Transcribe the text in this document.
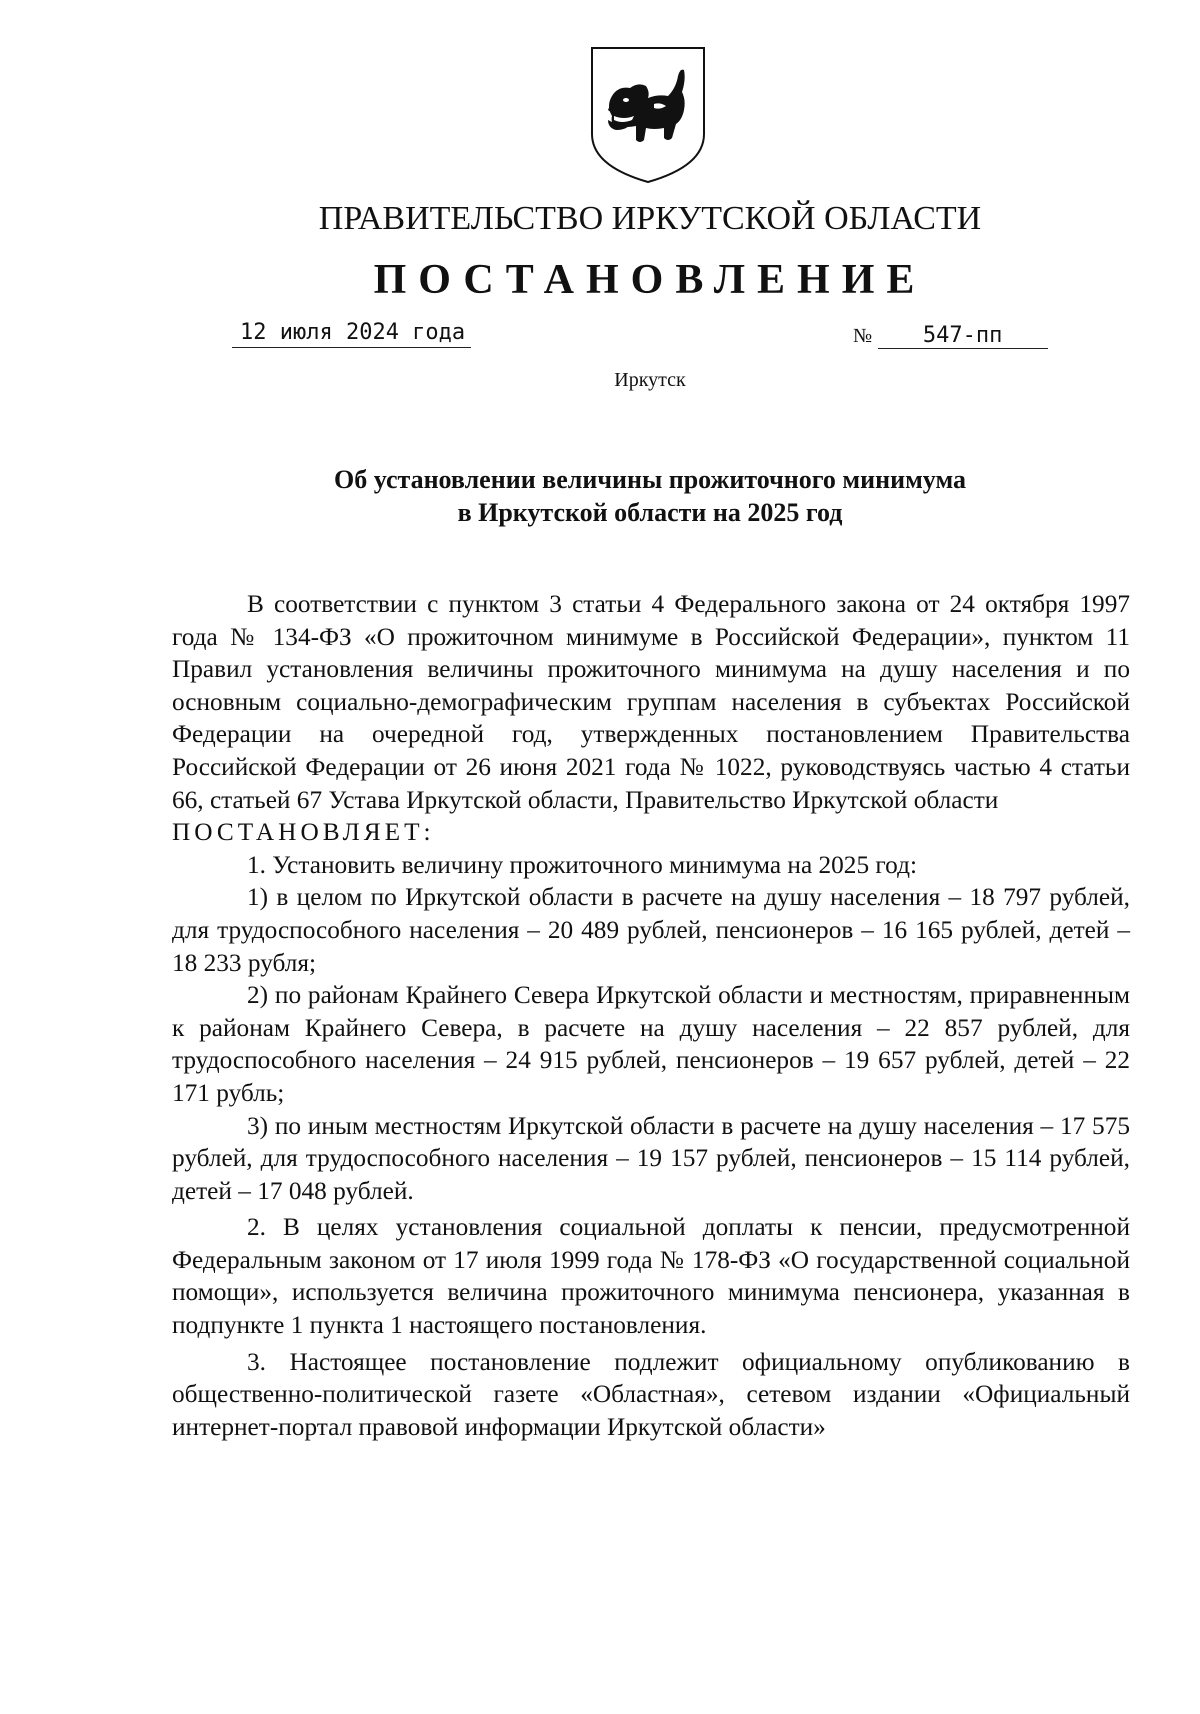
ПРАВИТЕЛЬСТВО ИРКУТСКОЙ ОБЛАСТИ
ПОСТАНОВЛЕНИЕ
12 июля 2024 года	№ 547-пп
Иркутск
Об установлении величины прожиточного минимума
в Иркутской области на 2025 год

В соответствии с пунктом 3 статьи 4 Федерального закона от 24 октября 1997 года № 134-ФЗ «О прожиточном минимуме в Российской Федерации», пунктом 11 Правил установления величины прожиточного минимума на душу населения и по основным социально-демографическим группам населения в субъектах Российской Федерации на очередной год, утвержденных постановлением Правительства Российской Федерации от 26 июня 2021 года № 1022, руководствуясь частью 4 статьи 66, статьей 67 Устава Иркутской области, Правительство Иркутской области

ПОСТАНОВЛЯЕТ:

1. Установить величину прожиточного минимума на 2025 год:

1) в целом по Иркутской области в расчете на душу населения – 18 797 рублей, для трудоспособного населения – 20 489 рублей, пенсионеров – 16 165 рублей, детей – 18 233 рубля;

2) по районам Крайнего Севера Иркутской области и местностям, приравненным к районам Крайнего Севера, в расчете на душу населения – 22 857 рублей, для трудоспособного населения – 24 915 рублей, пенсионеров – 19 657 рублей, детей – 22 171 рубль;

3) по иным местностям Иркутской области в расчете на душу населения – 17 575 рублей, для трудоспособного населения – 19 157 рублей, пенсионеров – 15 114 рублей, детей – 17 048 рублей.

2. В целях установления социальной доплаты к пенсии, предусмотренной Федеральным законом от 17 июля 1999 года № 178-ФЗ «О государственной социальной помощи», используется величина прожиточного минимума пенсионера, указанная в подпункте 1 пункта 1 настоящего постановления.

3. Настоящее постановление подлежит официальному опубликованию в общественно-политической газете «Областная», сетевом издании «Официальный интернет-портал правовой информации Иркутской области»
